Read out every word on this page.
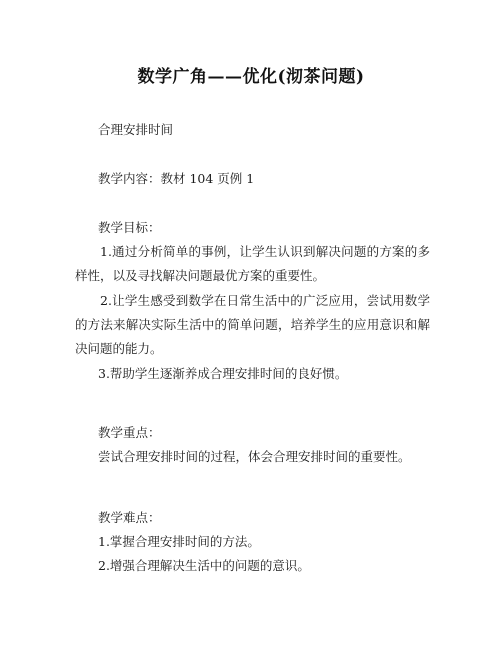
数学广角——优化(沏茶问题)
合理安排时间
教学内容：教材 104 页例 1
教学目标：
1.通过分析简单的事例，让学生认识到解决问题的方案的多样性，以及寻找解决问题最优方案的重要性。
2.让学生感受到数学在日常生活中的广泛应用，尝试用数学的方法来解决实际生活中的简单问题，培养学生的应用意识和解决问题的能力。
3.帮助学生逐渐养成合理安排时间的良好惯。
教学重点：
尝试合理安排时间的过程，体会合理安排时间的重要性。
教学难点：
1.掌握合理安排时间的方法。
2.增强合理解决生活中的问题的意识。
